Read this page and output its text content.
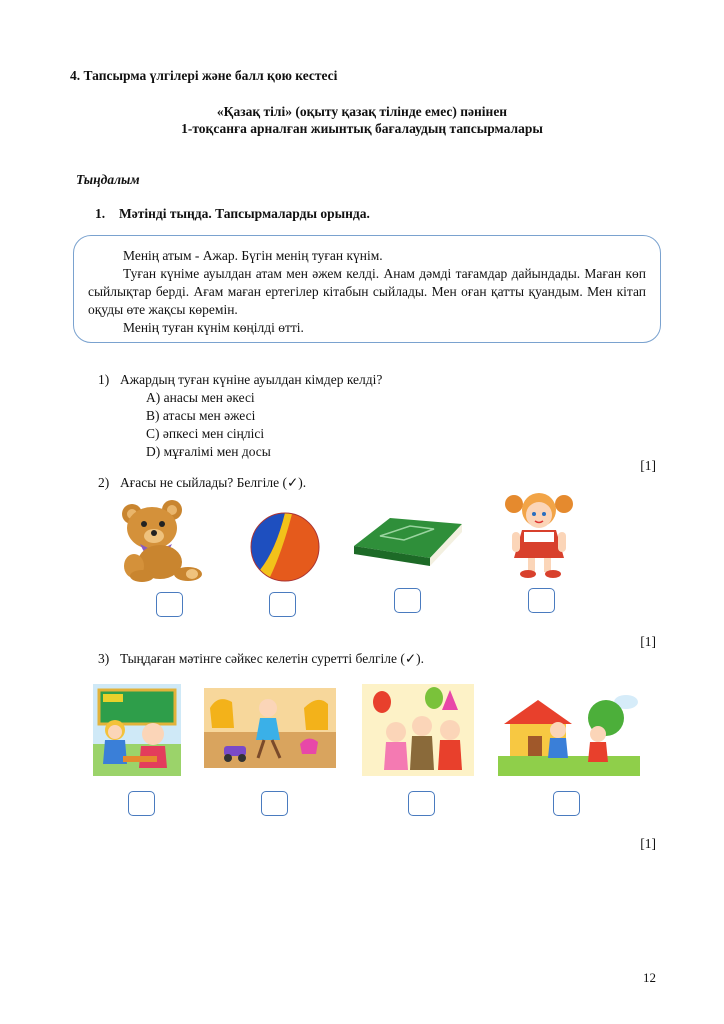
4. Тапсырма үлгілері және балл қою кестесі
«Қазақ тілі» (оқыту қазақ тілінде емес) пәнінен
1-тоқсанға арналған жиынтық бағалаудың тапсырмалары
Тыңдалым
1. Мәтінді тыңда. Тапсырмаларды орында.

Менің атым - Ажар. Бүгін менің туған күнім.

Туған күніме ауылдан атам мен әжем келді. Анам дәмді тағамдар дайындады. Маған көп сыйлықтар берді. Ағам маған ертегілер кітабын сыйлады. Мен оған қатты қуандым. Мен кітап оқуды өте жақсы көремін.

Менің туған күнім көңілді өтті.

1) Ажардың туған күніне ауылдан кімдер келді?
A) анасы мен әкесі
B) атасы мен әжесі
C) әпкесі мен сіңлісі
D) мұғалімі мен досы
[1]
2) Ағасы не сыйлады? Белгіле (✓).
[1]
3) Тыңдаған мәтінге сәйкес келетін суретті белгіле (✓).
[1]
12
